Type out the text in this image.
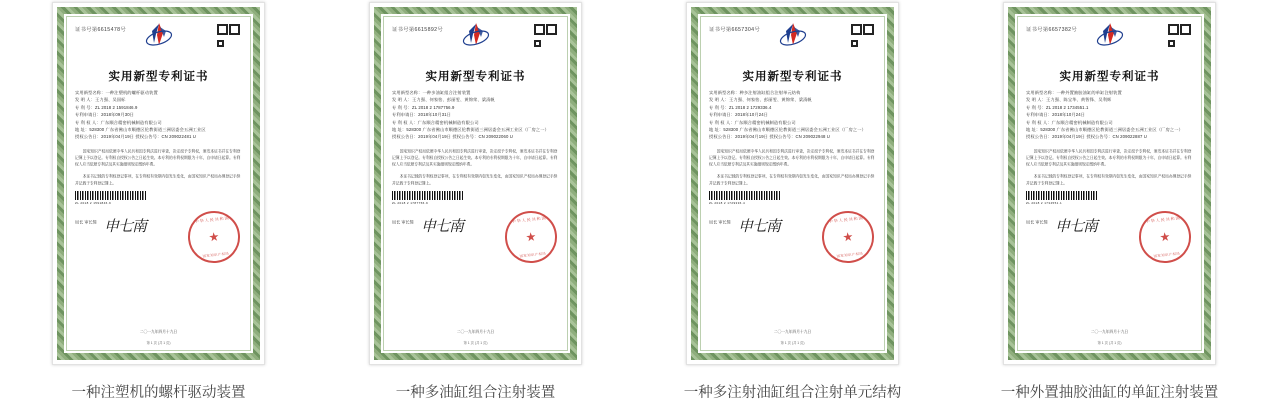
证书号第6615478号
实用新型专利证书
实用新型名称：一种注塑机的螺杆驱动装置
发 明 人：王力强、吴国标
专 利 号：ZL 2018 2 1591846.9
专利申请日：2018年09月30日
专 利 权 人：广东顺合精密机械制造有限公司
地 址：528300 广东省佛山市顺德区伦教街道三洲居委会五洲工业区
授权公告日：2019年04月19日 授权公告号：CN 209022481 U

国家知识产权局依照中华人民共和国专利法进行审查，决定授予专利权，颁发本证书并在专利登记簿上予以登记。专利权自授权公告之日起生效。本专利的专利权期限为十年，自申请日起算。专利权人应当依照专利法及其实施细则规定缴纳年费。

本证书记载的专利权登记事项，在专利权有效期内如发生变化，由国家知识产权局办理登记手续并记载于专利登记簿上。

ZL 2018 2 1591846.9
局长 审长简 申七南	中华人民共和国
★
国家知识产权局
二〇一九年四月十九日
第 1 页 (共 1 页)
一种注塑机的螺杆驱动装置
证书号第6615892号
实用新型专利证书
实用新型名称：一种多油缸组合注射装置
发 明 人：王力强、何家怡、彭丽雯、黄锦荣、梁清帆
专 利 号：ZL 2018 2 1787756.9
专利申请日：2018年10月31日
专 利 权 人：广东顺合精密机械制造有限公司
地 址：528300 广东省佛山市顺德区伦教街道三洲居委会五洲工业区（厂房之一）
授权公告日：2019年04月19日 授权公告号：CN 209022060 U

国家知识产权局依照中华人民共和国专利法进行审查，决定授予专利权，颁发本证书并在专利登记簿上予以登记。专利权自授权公告之日起生效。本专利的专利权期限为十年，自申请日起算。专利权人应当依照专利法及其实施细则规定缴纳年费。

本证书记载的专利权登记事项，在专利权有效期内如发生变化，由国家知识产权局办理登记手续并记载于专利登记簿上。

ZL 2018 2 1787756.9
局长 审长简 申七南	中华人民共和国
★
国家知识产权局
二〇一九年四月十九日
第 1 页 (共 1 页)
一种多油缸组合注射装置
证书号第6657304号
实用新型专利证书
实用新型名称：种多注射油缸组合注射单元结构
发 明 人：王力强、何家怡、彭丽雯、黄锦荣、梁清帆
专 利 号：ZL 2018 2 1729336.4
专利申请日：2018年10月24日
专 利 权 人：广东顺合精密机械制造有限公司
地 址：528300 广东省佛山市顺德区伦教街道三洲居委会五洲工业区（厂房之一）
授权公告日：2019年04月19日 授权公告号：CN 209022948 U

国家知识产权局依照中华人民共和国专利法进行审查，决定授予专利权，颁发本证书并在专利登记簿上予以登记。专利权自授权公告之日起生效。本专利的专利权期限为十年，自申请日起算。专利权人应当依照专利法及其实施细则规定缴纳年费。

本证书记载的专利权登记事项，在专利权有效期内如发生变化，由国家知识产权局办理登记手续并记载于专利登记簿上。

ZL 2018 2 1729336.4
局长 审长简 申七南	中华人民共和国
★
国家知识产权局
二〇一九年四月十九日
第 1 页 (共 1 页)
一种多注射油缸组合注射单元结构
证书号第6657382号
实用新型专利证书
实用新型名称：一种外置抽胶油缸的单缸注射装置
发 明 人：王力强、陈宝华、黄智锋、吴利辉
专 利 号：ZL 2018 2 1734551.1
专利申请日：2018年10月24日
专 利 权 人：广东顺合精密机械制造有限公司
地 址：528300 广东省佛山市顺德区伦教街道三洲居委会五洲工业区（厂房之一）
授权公告日：2019年04月19日 授权公告号：CN 209022887 U

国家知识产权局依照中华人民共和国专利法进行审查，决定授予专利权，颁发本证书并在专利登记簿上予以登记。专利权自授权公告之日起生效。本专利的专利权期限为十年，自申请日起算。专利权人应当依照专利法及其实施细则规定缴纳年费。

本证书记载的专利权登记事项，在专利权有效期内如发生变化，由国家知识产权局办理登记手续并记载于专利登记簿上。

ZL 2018 2 1734551.1
局长 审长简 申七南	中华人民共和国
★
国家知识产权局
二〇一九年四月十九日
第 1 页 (共 1 页)
一种外置抽胶油缸的单缸注射装置
